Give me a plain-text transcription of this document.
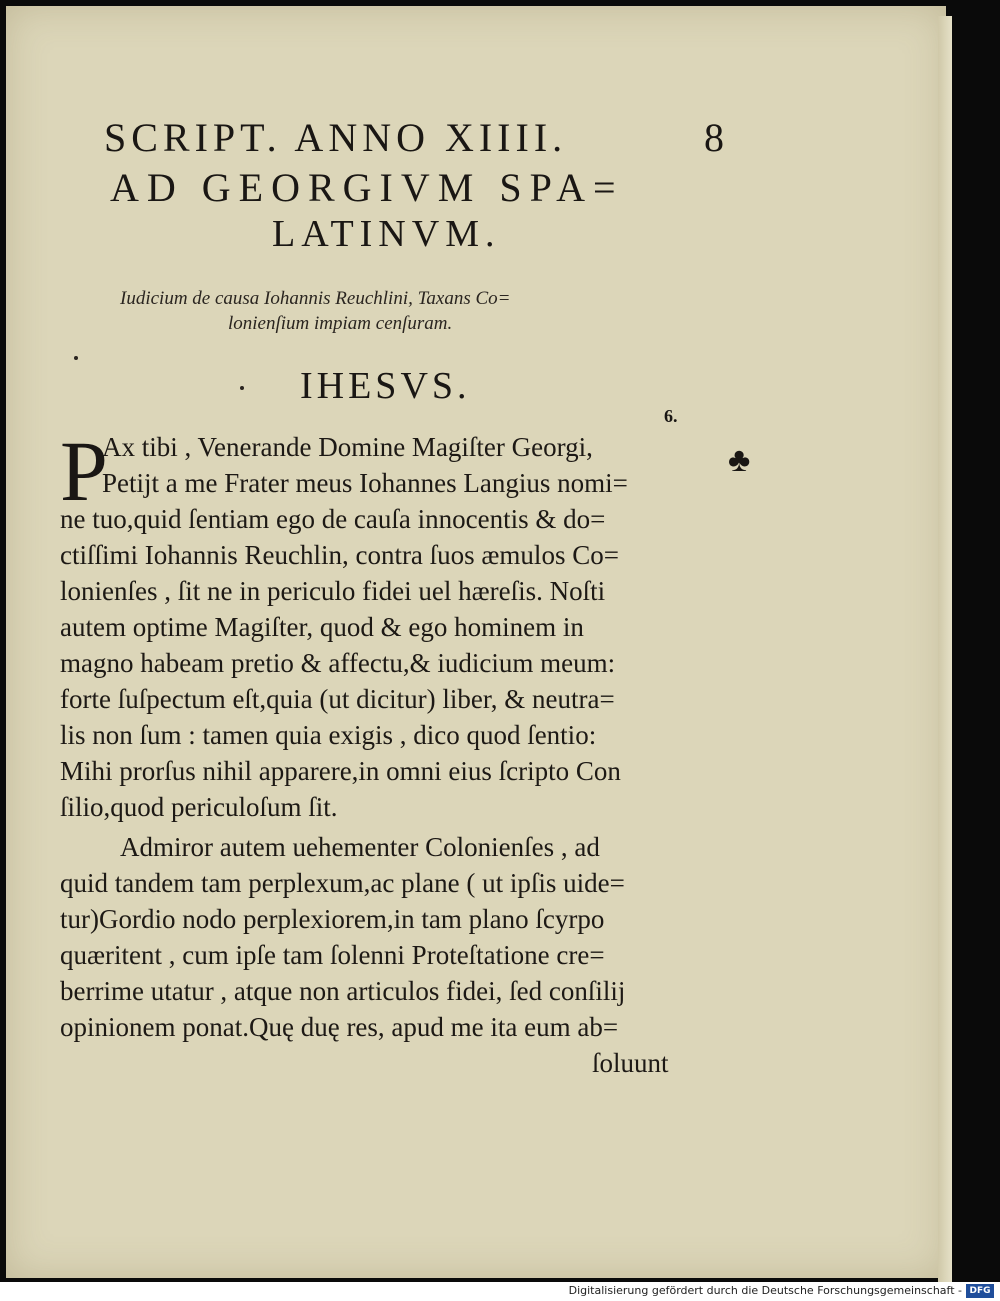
SCRIPT. ANNO XIIII.	8
AD GEORGIVM SPA=
LATINVM.
Iudicium de causa Iohannis Reuchlini, Taxans Co=
lonienſium impiam cenſuram.
IHESVS.
6.
♣
P
Ax tibi , Venerande Domine Magiſter Georgi,
Petijt a me Frater meus Iohannes Langius nomi=
ne tuo,quid ſentiam ego de cauſa innocentis & do=
ctiſſimi Iohannis Reuchlin, contra ſuos æmulos Co=
lonienſes , ſit ne in periculo fidei uel hæreſis. Noſti
autem optime Magiſter, quod & ego hominem in
magno habeam pretio & affectu,& iudicium meum:
forte ſuſpectum eſt,quia (ut dicitur) liber, & neutra=
lis non ſum : tamen quia exigis , dico quod ſentio:
Mihi prorſus nihil apparere,in omni eius ſcripto Con
ſilio,quod periculoſum ſit.
Admiror autem uehementer Colonienſes , ad
quid tandem tam perplexum,ac plane ( ut ipſis uide=
tur)Gordio nodo perplexiorem,in tam plano ſcyrpo
quæritent , cum ipſe tam ſolenni Proteſtatione cre=
berrime utatur , atque non articulos fidei, ſed conſilij
opinionem ponat.Quę duę res, apud me ita eum ab=
ſoluunt
Digitalisierung gefördert durch die Deutsche Forschungsgemeinschaft - DFG
